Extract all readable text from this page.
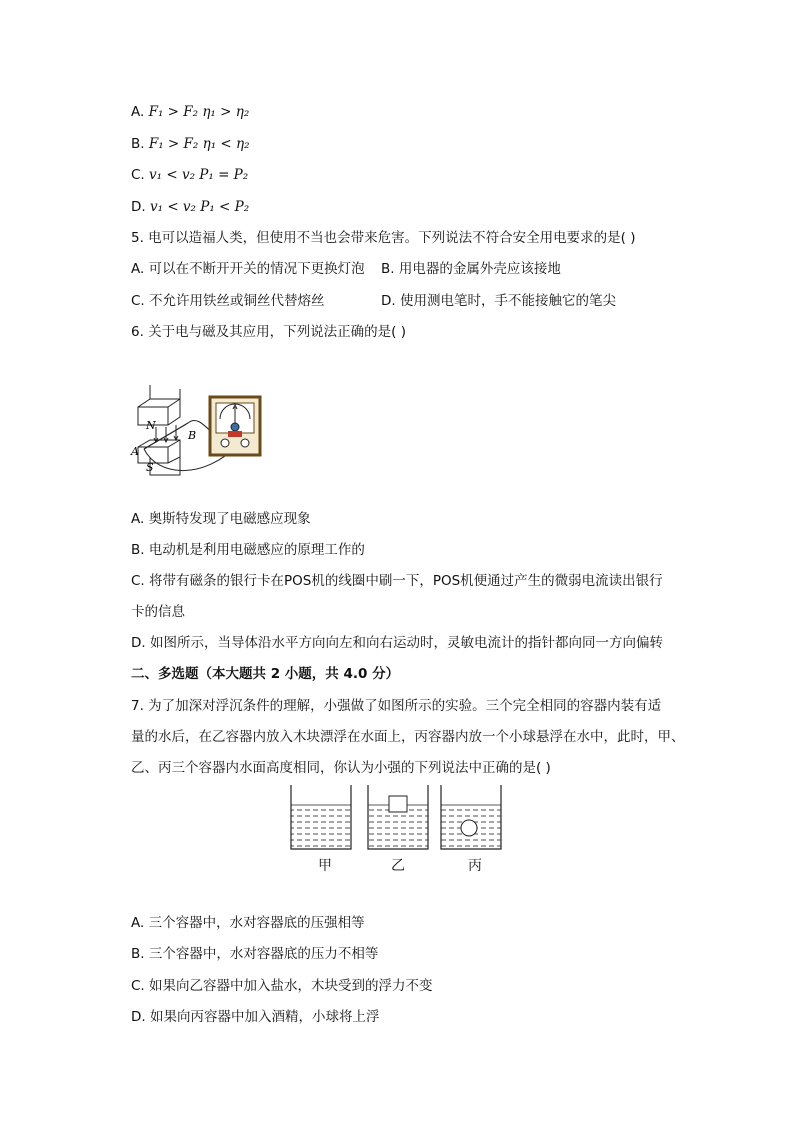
A. F₁ > F₂ η₁ > η₂
B. F₁ > F₂ η₁ < η₂
C. v₁ < v₂ P₁ = P₂
D. v₁ < v₂ P₁ < P₂
5. 电可以造福人类，但使用不当也会带来危害。下列说法不符合安全用电要求的是( )
A. 可以在不断开开关的情况下更换灯泡 B. 用电器的金属外壳应该接地
C. 不允许用铁丝或铜丝代替熔丝	D. 使用测电笔时，手不能接触它的笔尖
6. 关于电与磁及其应用，下列说法正确的是( )
N
S
A
B
A. 奥斯特发现了电磁感应现象
B. 电动机是利用电磁感应的原理工作的
C. 将带有磁条的银行卡在POS机的线圈中刷一下，POS机便通过产生的微弱电流读出银行
卡的信息
D. 如图所示，当导体沿水平方向向左和向右运动时，灵敏电流计的指针都向同一方向偏转
二、多选题（本大题共 2 小题，共 4.0 分）
7. 为了加深对浮沉条件的理解，小强做了如图所示的实验。三个完全相同的容器内装有适
量的水后，在乙容器内放入木块漂浮在水面上，丙容器内放一个小球悬浮在水中，此时，甲、
乙、丙三个容器内水面高度相同，你认为小强的下列说法中正确的是( )
甲	乙	丙
A. 三个容器中，水对容器底的压强相等
B. 三个容器中，水对容器底的压力不相等
C. 如果向乙容器中加入盐水，木块受到的浮力不变
D. 如果向丙容器中加入酒精，小球将上浮
